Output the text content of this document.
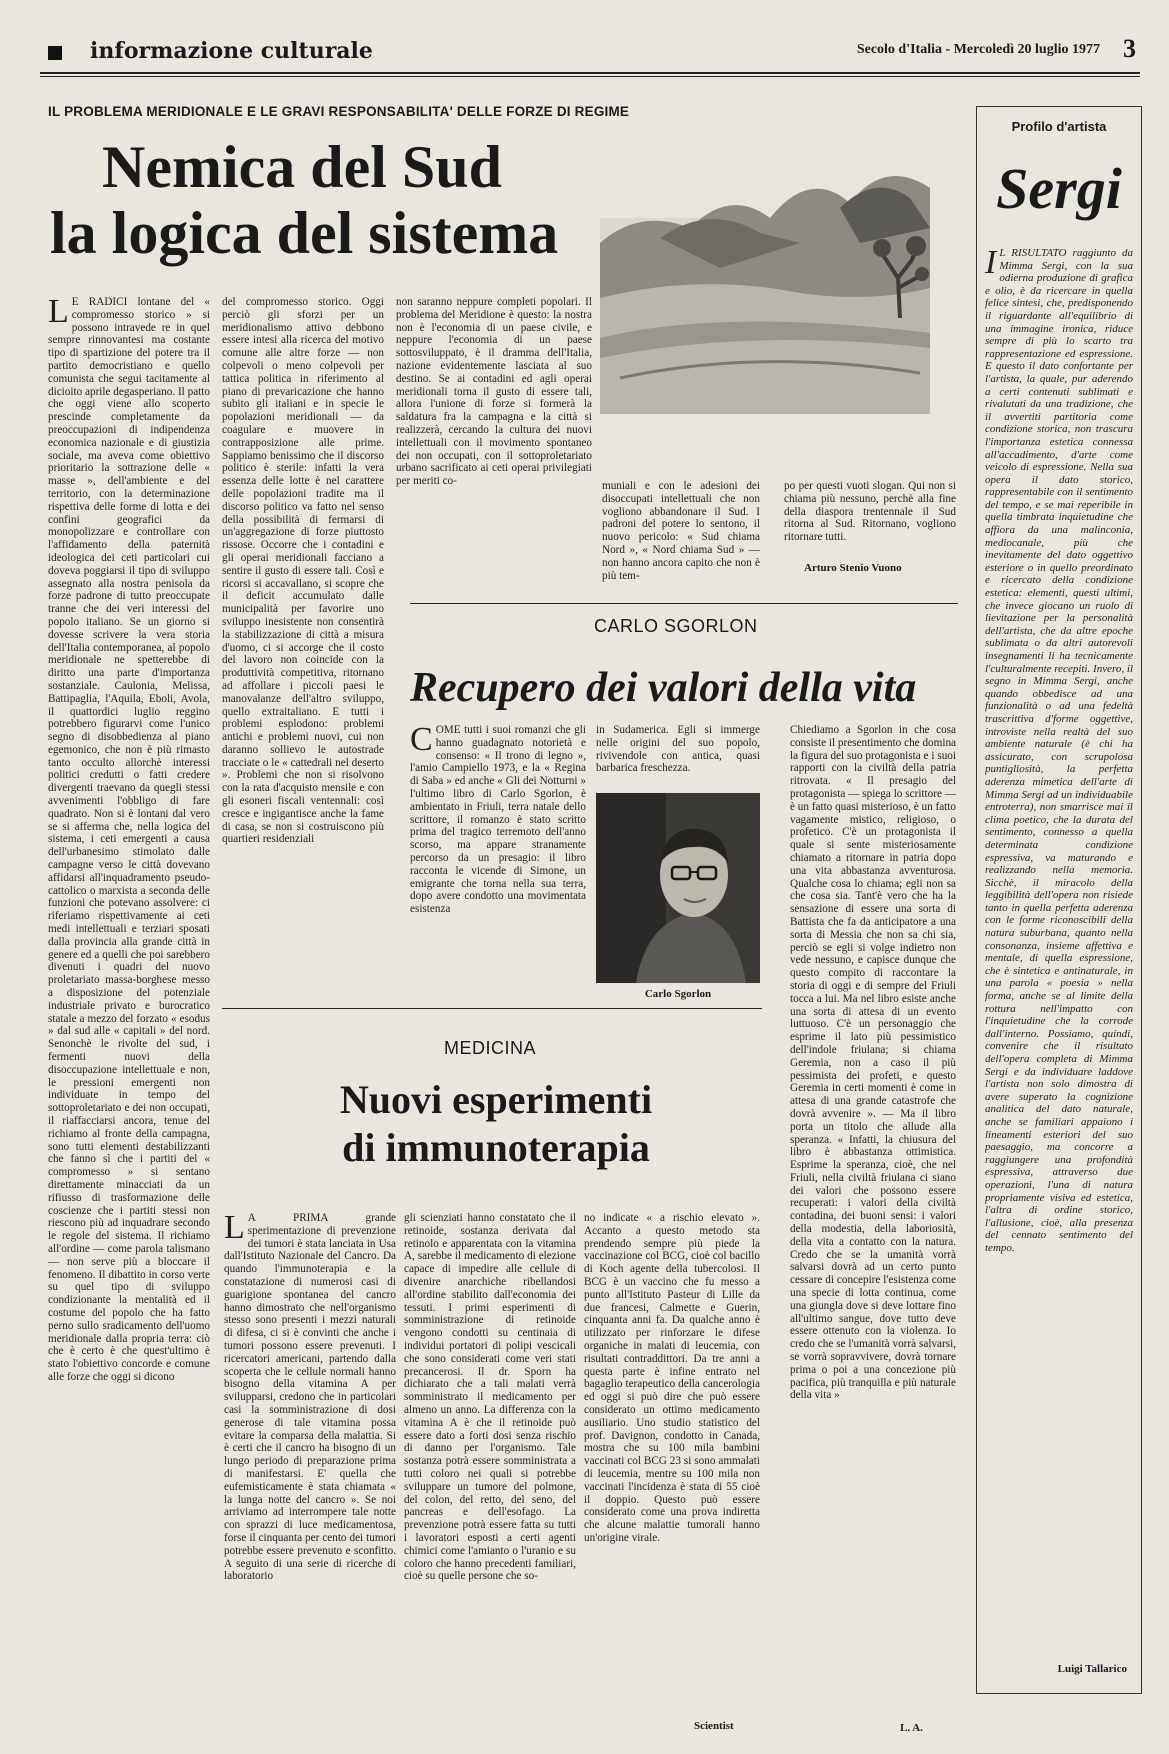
informazione culturale	Secolo d'Italia - Mercoledì 20 luglio 1977 3
IL PROBLEMA MERIDIONALE E LE GRAVI RESPONSABILITA' DELLE FORZE DI REGIME
Nemica del Sud
la logica del sistema
L E RADICI lontane del « compromesso storico » si possono intravede re in quel sempre rinnovantesi ma costante tipo di spartizione del potere tra il partito democristiano e quello comunista che segui tacitamente al dicioito aprile degasperiano. Il patto che oggi viene allo scoperto prescinde completamente da preoccupazioni di indipendenza economica nazionale e di giustizia sociale, ma aveva come obiettivo prioritario la sottrazione delle « masse », dell'ambiente e del territorio, con la determinazione rispettiva delle forme di lotta e dei confini geografici da monopolizzare e controllare con l'affidamento della paternità ideologica dei ceti particolari cui doveva poggiarsi il tipo di sviluppo assegnato alla nostra penisola da forze padrone di tutto preoccupate tranne che dei veri interessi del popolo italiano. Se un giorno si dovesse scrivere la vera storia dell'Italia contemporanea, al popolo meridionale ne spetterebbe di diritto una parte d'importanza sostanziale. Caulonia, Melissa, Battipaglia, l'Aquila, Eboli, Avola, il quattordici luglio reggino potrebbero figurarvi come l'unico segno di disobbedienza al piano egemonico, che non è più rimasto tanto occulto allorchè interessi politici credutti o fatti credere divergenti traevano da quegli stessi avvenimenti l'obbligo di fare quadrato. Non si è lontani dal vero se si afferma che, nella logica del sistema, i ceti emergenti a causa dell'urbanesimo stimolato dalle campagne verso le città dovevano affidarsi all'inquadramento pseudo-cattolico o marxista a seconda delle funzioni che potevano assolvere: ci riferiamo rispettivamente ai ceti medi intellettuali e terziari sposati dalla provincia alla grande città in genere ed a quelli che poi sarebbero divenuti i quadri del nuovo proletariato massa-borghese messo a disposizione del potenziale industriale privato e burocratico statale a mezzo del forzato « esodus » dal sud alle « capitali » del nord. Senonchè le rivolte del sud, i fermenti nuovi della disoccupazione intellettuale e non, le pressioni emergenti non individuate in tempo del sottoproletariato e dei non occupati, il riaffacciarsi ancora, tenue del richiamo al fronte della campagna, sono tutti elementi destabilizzanti che fanno sì che i partiti del « compromesso » si sentano direttamente minacciati da un rifiusso di trasformazione delle coscienze che i partiti stessi non riescono più ad inquadrare secondo le regole del sistema. Il richiamo all'ordine — come parola talismano — non serve più a bloccare il fenomeno. Il dibattito in corso verte su quel tipo di sviluppo condizionante la mentalità ed il costume del popolo che ha fatto perno sullo sradicamento dell'uomo meridionale dalla propria terra: ciò che è certo è che quest'ultimo è stato l'obiettivo concorde e comune alle forze che oggi si dicono
del compromesso storico. Oggi perciò gli sforzi per un meridionalismo attivo debbono essere intesi alla ricerca del motivo comune alle altre forze — non colpevoli o meno colpevoli per tattica politica in riferimento al piano di prevaricazione che hanno subito gli italiani e in specie le popolazioni meridionali — da coagulare e muovere in contrapposizione alle prime. Sappiamo benissimo che il discorso politico è sterile: infatti la vera essenza delle lotte è nel carattere delle popolazioni tradite ma il discorso politico va fatto nel senso della possibilità di fermarsi di un'aggregazione di forze piuttosto rissose. Occorre che i contadini e gli operai meridionali facciano a sentire il gusto di essere tali. Così e ricorsi si accavallano, si scopre che il deficit accumulato dalle municipalità per favorire uno sviluppo inesistente non consentirà la stabilizzazione di città a misura d'uomo, ci si accorge che il costo del lavoro non coincide con la produttività competitiva, ritornano ad affollare i piccoli paesi le manovalanze dell'altro sviluppo, quello extraitaliano. E tutti i problemi esplodono: problemi antichi e problemi nuovi, cui non daranno sollievo le autostrade tracciate o le « cattedrali nel deserto ». Problemi che non si risolvono con la rata d'acquisto mensile e con gli esoneri fiscali ventennali: così cresce e ingigantisce anche la fame di casa, se non si costruiscono più quartieri residenziali
non saranno neppure completi popolari. Il problema del Meridione è questo: la nostra non è l'economia di un paese civile, e neppure l'economia di un paese sottosviluppato, è il dramma dell'Italia, nazione evidentemente lasciata al suo destino. Se ai contadini ed agli operai meridionali torna il gusto di essere tali, allora l'unione di forze si formerà la saldatura fra la campagna e la città si realizzerà, cercando la cultura dei nuovi intellettuali con il movimento spontaneo dei non occupati, con il sottoproletariato urbano sacrificato ai ceti operai privilegiati per meriti co-	muniali e con le adesioni dei disoccupati intellettuali che non vogliono abbandonare il Sud. I padroni del potere lo sentono, il nuovo pericolo: « Sud chiama Nord », « Nord chiama Sud » — non hanno ancora capito che non è più tem-
po per questi vuoti slogan. Qui non si chiama più nessuno, perchè alla fine della diaspora trentennale il Sud ritorna al Sud. Ritornano, vogliono ritornare tutti.
Arturo Stenio Vuono
CARLO SGORLON
Recupero dei valori della vita
COME tutti i suoi romanzi che gli hanno guadagnato notorietà e consenso: « Il trono di legno », l'amio Campiello 1973, e la « Regina di Saba » ed anche « Gli dei Notturni » l'ultimo libro di Carlo Sgorlon, è ambientato in Friuli, terra natale dello scrittore, il romanzo è stato scritto prima del tragico terremoto dell'anno scorso, ma appare stranamente percorso da un presagio: il libro racconta le vicende di Simone, un emigrante che torna nella sua terra, dopo avere condotto una movimentata esistenza
in Sudamerica. Egli si immerge nelle origini del suo popolo, rivivendole con antica, quasi barbarica freschezza.
Carlo Sgorlon
Chiediamo a Sgorlon in che cosa consiste il presentimento che domina la figura del suo protagonista e i suoi rapporti con la civiltà della patria ritrovata. « Il presagio del protagonista — spiega lo scrittore — è un fatto quasi misterioso, è un fatto vagamente mistico, religioso, o profetico. C'è un protagonista il quale si sente misteriosamente chiamato a ritornare in patria dopo una vita abbastanza avventurosa. Qualche cosa lo chiama; egli non sa che cosa sia. Tant'è vero che ha la sensazione di essere una sorta di Battista che fa da anticipatore a una sorta di Messia che non sa chi sia, perciò se egli si volge indietro non vede nessuno, e capisce dunque che questo compito di raccontare la storia di oggi e di sempre del Friuli tocca a lui. Ma nel libro esiste anche una sorta di attesa di un evento luttuoso. C'è un personaggio che esprime il lato più pessimistico dell'indole friulana; si chiama Geremia, non a caso il più pessimista dei profeti, e questo Geremia in certi momenti è come in attesa di una grande catastrofe che dovrà avvenire ». — Ma il libro porta un titolo che allude alla speranza. « Infatti, la chiusura del libro è abbastanza ottimistica. Esprime la speranza, cioè, che nel Friuli, nella civiltà friulana ci siano dei valori che possono essere recuperati: i valori della civiltà contadina, dei buoni sensi: i valori della modestia, della laboriosità, della vita a contatto con la natura. Credo che se la umanità vorrà salvarsi dovrà ad un certo punto cessare di concepire l'esistenza come una specie di lotta continua, come una giungla dove si deve lottare fino all'ultimo sangue, dove tutto deve essere ottenuto con la violenza. Io credo che se l'umanità vorrà salvarsi, se vorrà sopravvivere, dovrà tornare prima o poi a una concezione più pacifica, più tranquilla e più naturale della vita »
L. A.
MEDICINA
Nuovi esperimenti
di immunoterapia
L A PRIMA grande sperimentazione di prevenzione dei tumori è stata lanciata in Usa dall'Istituto Nazionale del Cancro. Da quando l'immunoterapia e la constatazione di numerosi casi di guarigione spontanea del cancro hanno dimostrato che nell'organismo stesso sono presenti i mezzi naturali di difesa, ci si è convinti che anche i tumori possono essere prevenuti. I ricercatori americani, partendo dalla scoperta che le cellule normali hanno bisogno della vitamina A per svilupparsi, credono che in particolari casi la somministrazione di dosi generose di tale vitamina possa evitare la comparsa della malattia. Si è certi che il cancro ha bisogno di un lungo periodo di preparazione prima di manifestarsi. E' quella che eufemisticamente è stata chiamata « la lunga notte del cancro ». Se noi arriviamo ad interrompere tale notte con sprazzi di luce medicamentosa, forse il cinquanta per cento dei tumori potrebbe essere prevenuto e sconfitto. A seguito di una serie di ricerche di laboratorio
gli scienziati hanno constatato che il retinoide, sostanza derivata dal retinolo e apparentata con la vitamina A, sarebbe il medicamento di elezione capace di impedire alle cellule di divenire anarchiche ribellandosi all'ordine stabilito dall'economia dei tessuti. I primi esperimenti di somministrazione di retinoide vengono condotti su centinaia di individui portatori di polipi vescicali che sono considerati come veri stati precancerosi. Il dr. Sporn ha dichiarato che a tali malati verrà somministrato il medicamento per almeno un anno. La differenza con la vitamina A è che il retinoide può essere dato a forti dosi senza rischio di danno per l'organismo. Tale sostanza potrà essere somministrata a tutti coloro nei quali si potrebbe sviluppare un tumore del polmone, del colon, del retto, del seno, del pancreas e dell'esofago. La prevenzione potrà essere fatta su tutti i lavoratori esposti a certi agenti chimici come l'amianto o l'uranio e su coloro che hanno precedenti familiari, cioè su quelle persone che so-
no indicate « a rischio elevato ». Accanto a questo metodo sta prendendo sempre più piede la vaccinazione col BCG, cioè col bacillo di Koch agente della tubercolosi. Il BCG è un vaccino che fu messo a punto all'Istituto Pasteur di Lille da due francesi, Calmette e Guerin, cinquanta anni fa. Da qualche anno è utilizzato per rinforzare le difese organiche in malati di leucemia, con risultati contraddittori. Da tre anni a questa parte è infine entrato nel bagaglio terapeutico della cancerologia ed oggi si può dire che può essere considerato un ottimo medicamento ausiliario. Uno studio statistico del prof. Davignon, condotto in Canada, mostra che su 100 mila bambini vaccinati col BCG 23 si sono ammalati di leucemia, mentre su 100 mila non vaccinati l'incidenza è stata di 55 cioè il doppio. Questo può essere considerato come una prova indiretta che alcune malattie tumorali hanno un'origine virale.
Scientist
Profilo d'artista
Sergi
I L RISULTATO raggiunto da Mimma Sergi, con la sua odierna produzione di grafica e olio, è da ricercare in quella felice sintesi, che, predisponendo il riguardante all'equilibrio di una immagine ironica, riduce sempre di più lo scarto tra rappresentazione ed espressione. E questo il dato confortante per l'artista, la quale, pur aderendo a certi contenuti sublimati e rivalutati da una tradizione, che il avvertiti partitoria come condizione storica, non trascura l'importanza estetica connessa all'accadimento, d'arte come veicolo di espressione. Nella sua opera il dato storico, rappresentabile con il sentimento del tempo, e se mai reperibile in quella timbrata inquietudine che affiora da una malinconia, mediocanale, più che inevitamente del dato oggettivo esteriore o in quello preordinato e ricercato della condizione estetica: elementi, questi ultimi, che invece giocano un ruolo di lievitazione per la personalità dell'artista, che da altre epoche sublimata o da altri autorevoli insegnamenti li ha tecnicamente l'culturalmente recepiti. Invero, il segno in Mimma Sergi, anche quando obbedisce ad una funzionalità o ad una fedeltà trascrittiva d'forme oggettive, introviste nella realtà del suo ambiente naturale (è chi ha assicurato, con scrupolosa puntigliosità, la perfetta aderenza mimetica dell'arte di Mimma Sergi ad un individuabile entroterra), non smarrisce mai il clima poetico, che la durata del sentimento, connesso a quella determinata condizione espressiva, va maturando e realizzando nella memoria. Sicchè, il miracolo della leggibilità dell'opera non risiede tanto in quella perfetta aderenza con le forme riconoscibili della natura suburbana, quanto nella consonanza, insieme affettiva e mentale, di quella espressione, che è sintetica e antinaturale, in una parola « poesia » nella forma, anche se al limite della rottura nell'impatto con l'inquietudine che la corrode dall'interno. Possiamo, quindi, convenire che il risultato dell'opera completa di Mimma Sergi e da individuare laddove l'artista non solo dimostra di avere superato la cognizione analitica del dato naturale, anche se familiari appaiono i lineamenti esteriori del suo paesaggio, ma concorre a raggiungere una profondità espressiva, attraverso due operazioni, l'una di natura propriamente visiva ed estetica, l'altra di ordine storico, l'allusione, cioè, alla presenza del cennato sentimento del tempo.
Luigi Tallarico
